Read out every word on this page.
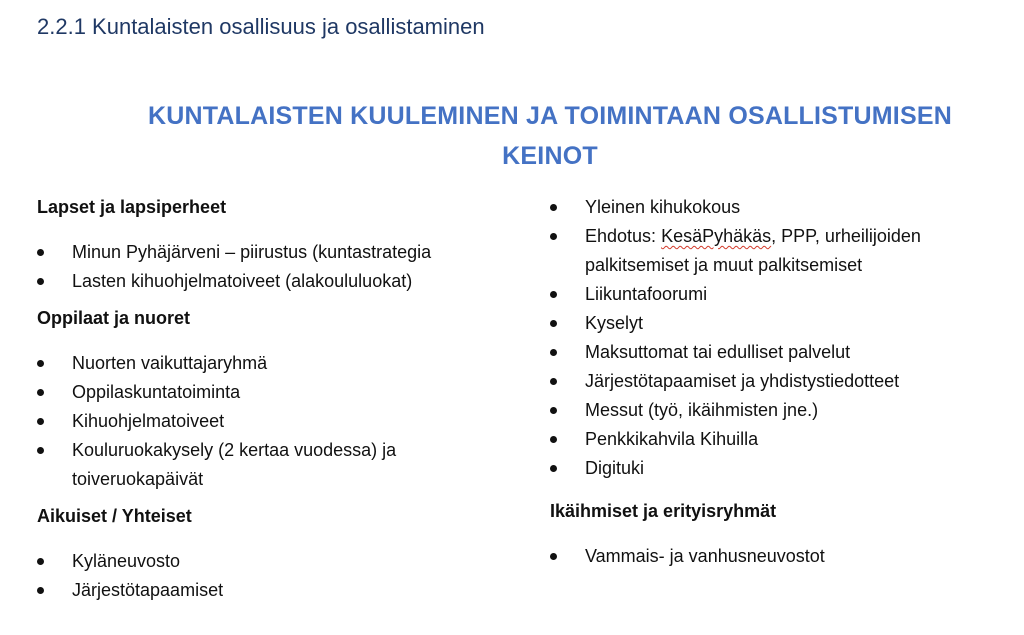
2.2.1 Kuntalaisten osallisuus ja osallistaminen
KUNTALAISTEN KUULEMINEN JA TOIMINTAAN OSALLISTUMISEN
KEINOT
Lapset ja lapsiperheet
Minun Pyhäjärveni – piirustus (kuntastrategia
Lasten kihuohjelmatoiveet (alakoululuokat)
Oppilaat ja nuoret
Nuorten vaikuttajaryhmä
Oppilaskuntatoiminta
Kihuohjelmatoiveet
Kouluruokakysely (2 kertaa vuodessa) ja toiveruokapäivät
Aikuiset / Yhteiset
Kyläneuvosto
Järjestötapaamiset
Yleinen kihukokous
Ehdotus: KesäPyhäkäs, PPP, urheilijoiden palkitsemiset ja muut palkitsemiset
Liikuntafoorumi
Kyselyt
Maksuttomat tai edulliset palvelut
Järjestötapaamiset ja yhdistystiedotteet
Messut (työ, ikäihmisten jne.)
Penkkikahvila Kihuilla
Digituki
Ikäihmiset ja erityisryhmät
Vammais- ja vanhusneuvostot
